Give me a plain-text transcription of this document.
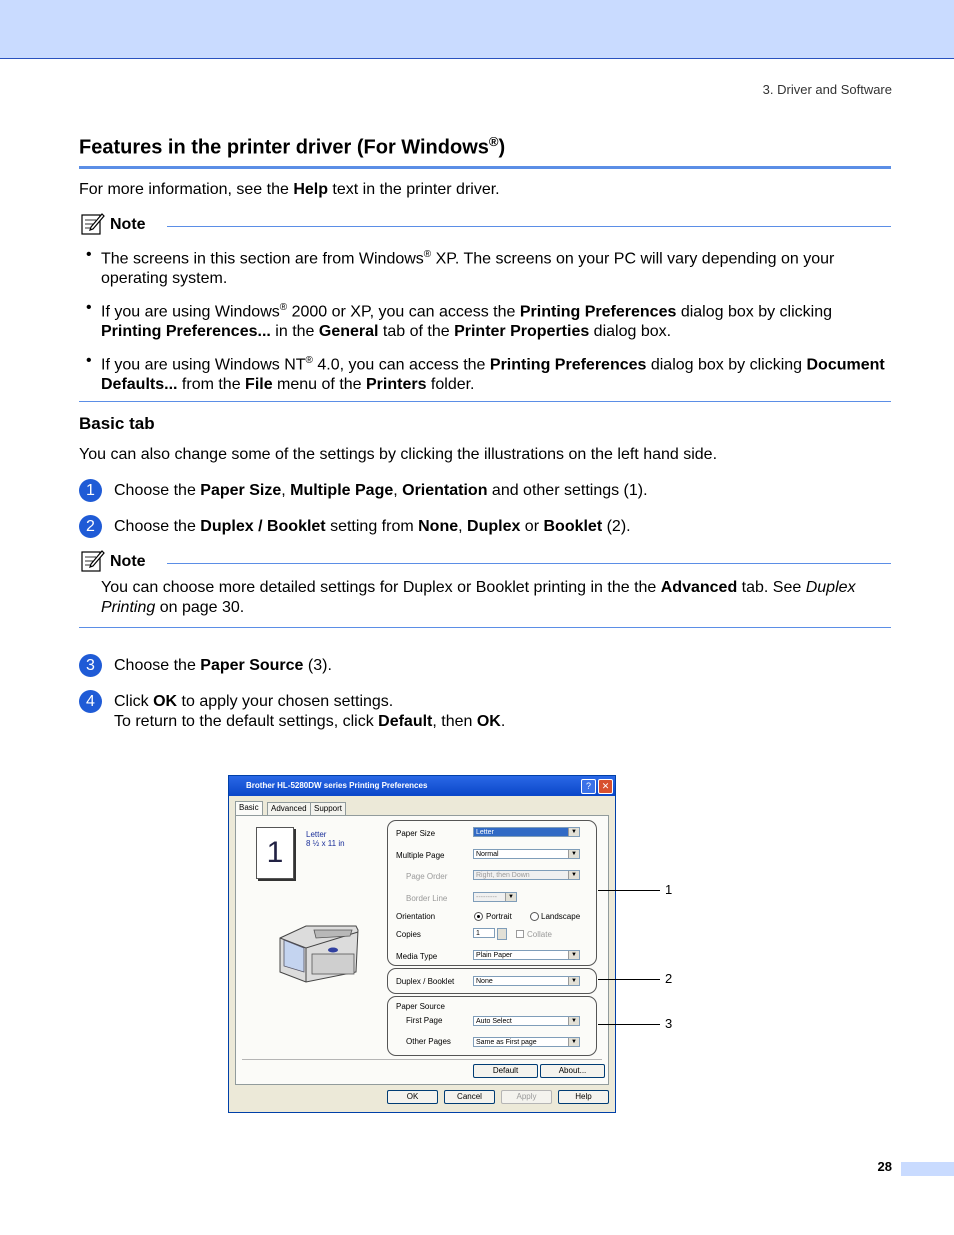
3. Driver and Software
Features in the printer driver (For Windows®)
For more information, see the Help text in the printer driver.
Note
• The screens in this section are from Windows® XP. The screens on your PC will vary depending on your operating system.
• If you are using Windows® 2000 or XP, you can access the Printing Preferences dialog box by clicking Printing Preferences... in the General tab of the Printer Properties dialog box.
• If you are using Windows NT® 4.0, you can access the Printing Preferences dialog box by clicking Document Defaults... from the File menu of the Printers folder.
Basic tab
You can also change some of the settings by clicking the illustrations on the left hand side.
1	Choose the Paper Size, Multiple Page, Orientation and other settings (1).
2	Choose the Duplex / Booklet setting from None, Duplex or Booklet (2).
Note
You can choose more detailed settings for Duplex or Booklet printing in the the Advanced tab. See Duplex Printing on page 30.
3	Choose the Paper Source (3).
4	Click OK to apply your chosen settings.
To return to the default settings, click Default, then OK.
Brother HL-5280DW series Printing Preferences	?	✕
Basic	Advanced Support
1
Letter
8 ½ x 11 in
Paper Size	Letter	▼
Multiple Page	Normal	▼
Page Order	Right, then Down	▼
Border Line	---------	▼
Orientation	Portrait	Landscape
Copies	1	Collate
Media Type	Plain Paper	▼
Duplex / Booklet	None	▼
Paper Source
First Page	Auto Select	▼
Other Pages	Same as First page	▼
Default	About...
OK	Cancel	Apply	Help
1
2
3
28
